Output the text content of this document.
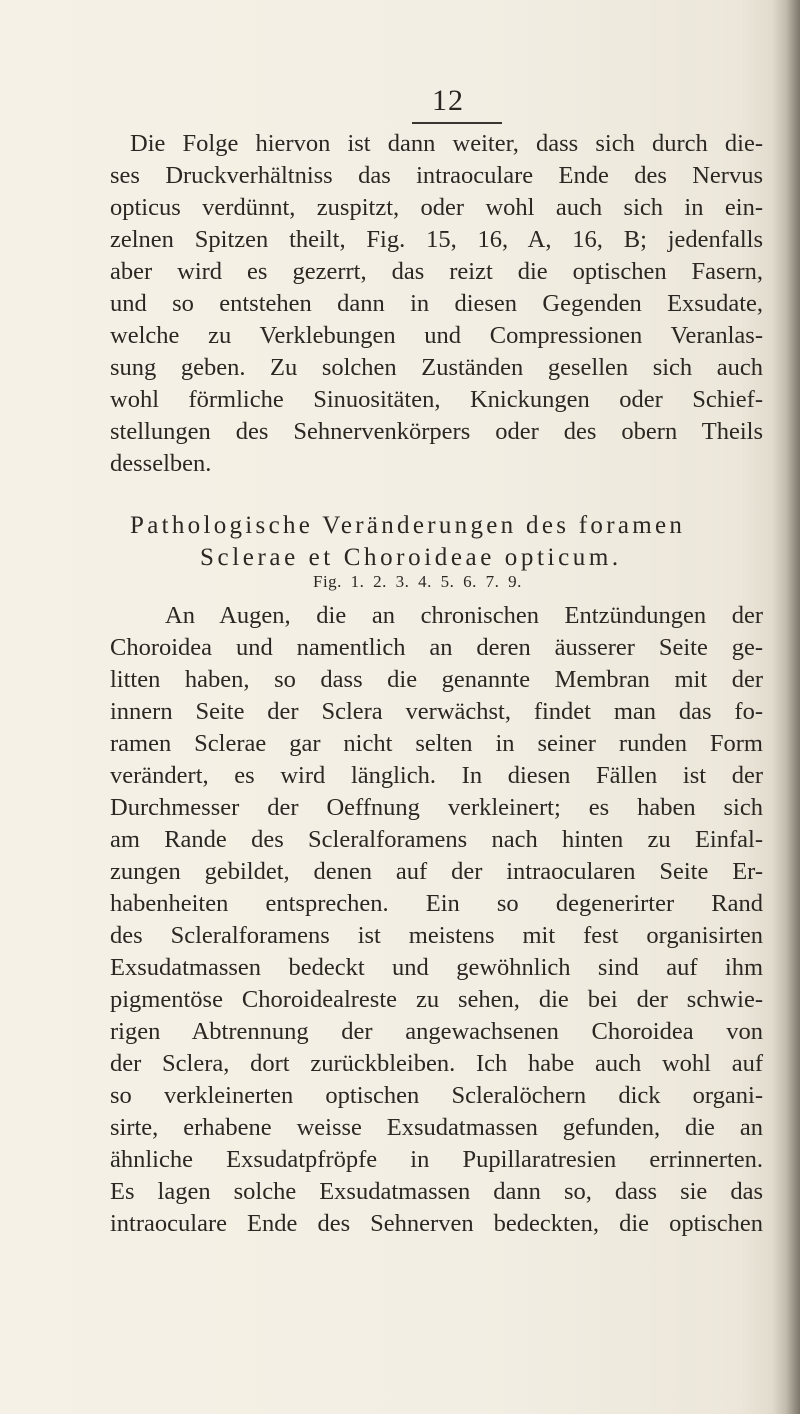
12
Die Folge hiervon ist dann weiter, dass sich durch die-
ses Druckverhältniss das intraoculare Ende des Nervus
opticus verdünnt, zuspitzt, oder wohl auch sich in ein-
zelnen Spitzen theilt, Fig. 15, 16, A, 16, B; jedenfalls
aber wird es gezerrt, das reizt die optischen Fasern,
und so entstehen dann in diesen Gegenden Exsudate,
welche zu Verklebungen und Compressionen Veranlas-
sung geben. Zu solchen Zuständen gesellen sich auch
wohl förmliche Sinuositäten, Knickungen oder Schief-
stellungen des Sehnervenkörpers oder des obern Theils
desselben.
Pathologische Veränderungen des foramen
Sclerae et Choroideae opticum.
Fig. 1. 2. 3. 4. 5. 6. 7. 9.
An Augen, die an chronischen Entzündungen der
Choroidea und namentlich an deren äusserer Seite ge-
litten haben, so dass die genannte Membran mit der
innern Seite der Sclera verwächst, findet man das fo-
ramen Sclerae gar nicht selten in seiner runden Form
verändert, es wird länglich. In diesen Fällen ist der
Durchmesser der Oeffnung verkleinert; es haben sich
am Rande des Scleralforamens nach hinten zu Einfal-
zungen gebildet, denen auf der intraocularen Seite Er-
habenheiten entsprechen. Ein so degenerirter Rand
des Scleralforamens ist meistens mit fest organisirten
Exsudatmassen bedeckt und gewöhnlich sind auf ihm
pigmentöse Choroidealreste zu sehen, die bei der schwie-
rigen Abtrennung der angewachsenen Choroidea von
der Sclera, dort zurückbleiben. Ich habe auch wohl auf
so verkleinerten optischen Scleralöchern dick organi-
sirte, erhabene weisse Exsudatmassen gefunden, die an
ähnliche Exsudatpfröpfe in Pupillaratresien errinnerten.
Es lagen solche Exsudatmassen dann so, dass sie das
intraoculare Ende des Sehnerven bedeckten, die optischen
